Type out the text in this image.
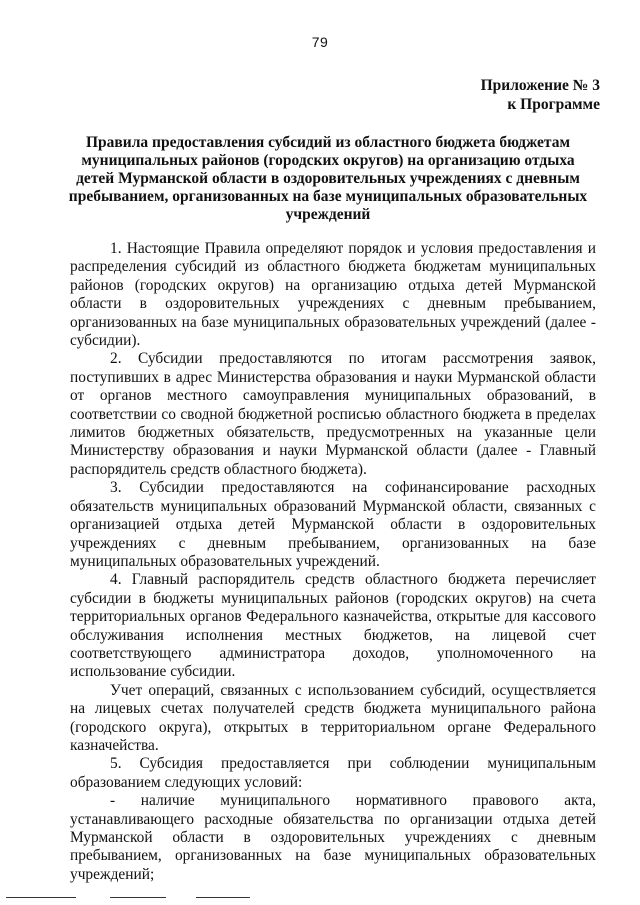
79
Приложение № 3
к Программе
Правила предоставления субсидий из областного бюджета бюджетам муниципальных районов (городских округов) на организацию отдыха детей Мурманской области в оздоровительных учреждениях с дневным пребыванием, организованных на базе муниципальных образовательных учреждений

1. Настоящие Правила определяют порядок и условия предоставления и распределения субсидий из областного бюджета бюджетам муниципальных районов (городских округов) на организацию отдыха детей Мурманской области в оздоровительных учреждениях с дневным пребыванием, организованных на базе муниципальных образовательных учреждений (далее - субсидии).

2. Субсидии предоставляются по итогам рассмотрения заявок, поступивших в адрес Министерства образования и науки Мурманской области от органов местного самоуправления муниципальных образований, в соответствии со сводной бюджетной росписью областного бюджета в пределах лимитов бюджетных обязательств, предусмотренных на указанные цели Министерству образования и науки Мурманской области (далее - Главный распорядитель средств областного бюджета).

3. Субсидии предоставляются на софинансирование расходных обязательств муниципальных образований Мурманской области, связанных с организацией отдыха детей Мурманской области в оздоровительных учреждениях с дневным пребыванием, организованных на базе муниципальных образовательных учреждений.

4. Главный распорядитель средств областного бюджета перечисляет субсидии в бюджеты муниципальных районов (городских округов) на счета территориальных органов Федерального казначейства, открытые для кассового обслуживания исполнения местных бюджетов, на лицевой счет соответствующего администратора доходов, уполномоченного на использование субсидии.

Учет операций, связанных с использованием субсидий, осуществляется на лицевых счетах получателей средств бюджета муниципального района (городского округа), открытых в территориальном органе Федерального казначейства.

5. Субсидия предоставляется при соблюдении муниципальным образованием следующих условий:

- наличие муниципального нормативного правового акта, устанавливающего расходные обязательства по организации отдыха детей Мурманской области в оздоровительных учреждениях с дневным пребыванием, организованных на базе муниципальных образовательных учреждений;
